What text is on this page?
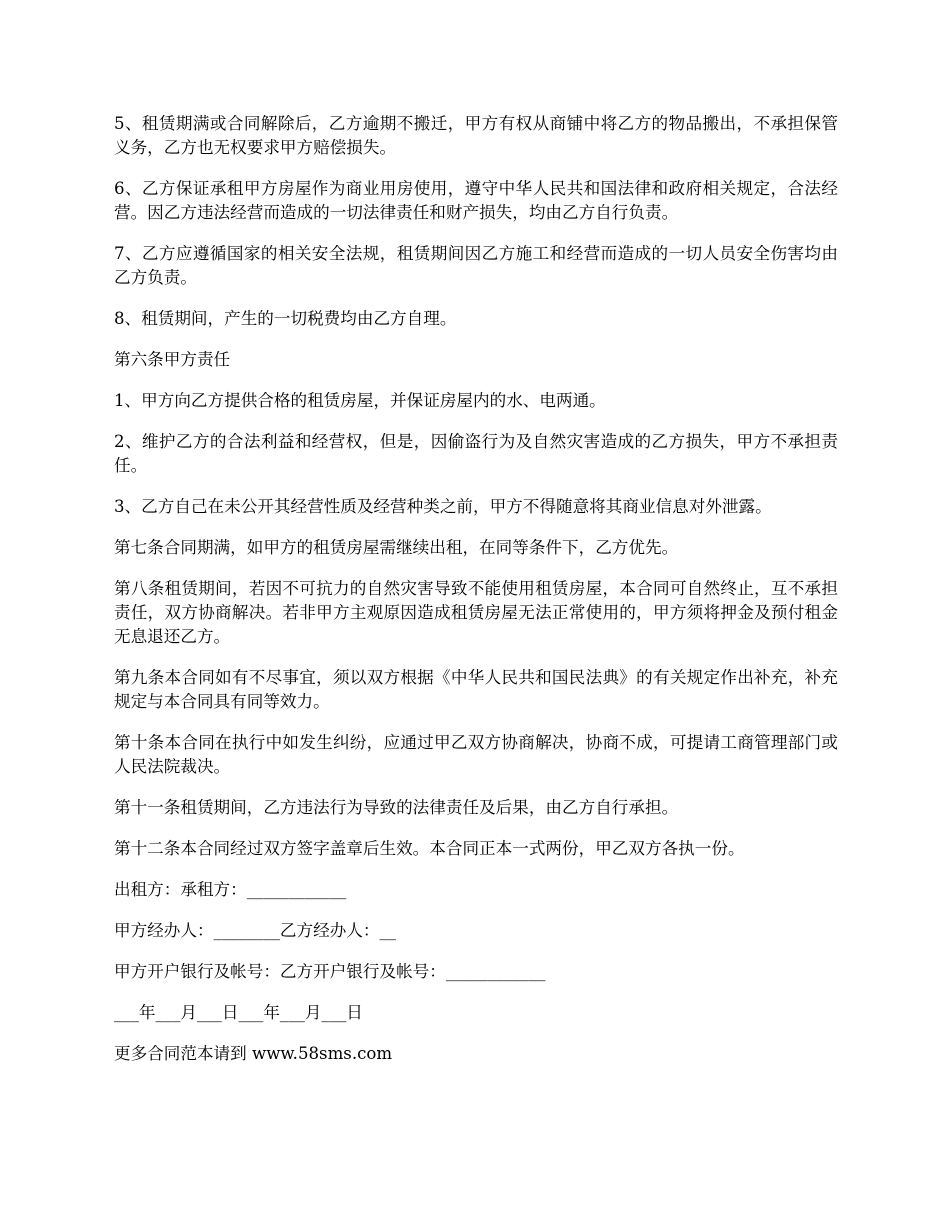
5、租赁期满或合同解除后，乙方逾期不搬迁，甲方有权从商铺中将乙方的物品搬出，不承担保管义务，乙方也无权要求甲方赔偿损失。

6、乙方保证承租甲方房屋作为商业用房使用，遵守中华人民共和国法律和政府相关规定，合法经营。因乙方违法经营而造成的一切法律责任和财产损失，均由乙方自行负责。

7、乙方应遵循国家的相关安全法规，租赁期间因乙方施工和经营而造成的一切人员安全伤害均由乙方负责。

8、租赁期间，产生的一切税费均由乙方自理。

第六条甲方责任

1、甲方向乙方提供合格的租赁房屋，并保证房屋内的水、电两通。

2、维护乙方的合法利益和经营权，但是，因偷盗行为及自然灾害造成的乙方损失，甲方不承担责任。

3、乙方自己在未公开其经营性质及经营种类之前，甲方不得随意将其商业信息对外泄露。

第七条合同期满，如甲方的租赁房屋需继续出租，在同等条件下，乙方优先。

第八条租赁期间，若因不可抗力的自然灾害导致不能使用租赁房屋，本合同可自然终止，互不承担责任，双方协商解决。若非甲方主观原因造成租赁房屋无法正常使用的，甲方须将押金及预付租金无息退还乙方。

第九条本合同如有不尽事宜，须以双方根据《中华人民共和国民法典》的有关规定作出补充，补充规定与本合同具有同等效力。

第十条本合同在执行中如发生纠纷，应通过甲乙双方协商解决，协商不成，可提请工商管理部门或人民法院裁决。

第十一条租赁期间，乙方违法行为导致的法律责任及后果，由乙方自行承担。

第十二条本合同经过双方签字盖章后生效。本合同正本一式两份，甲乙双方各执一份。

出租方：承租方：____________

甲方经办人：________乙方经办人：__

甲方开户银行及帐号：乙方开户银行及帐号：____________

___年___月___日___年___月___日

更多合同范本请到 www.58sms.com
